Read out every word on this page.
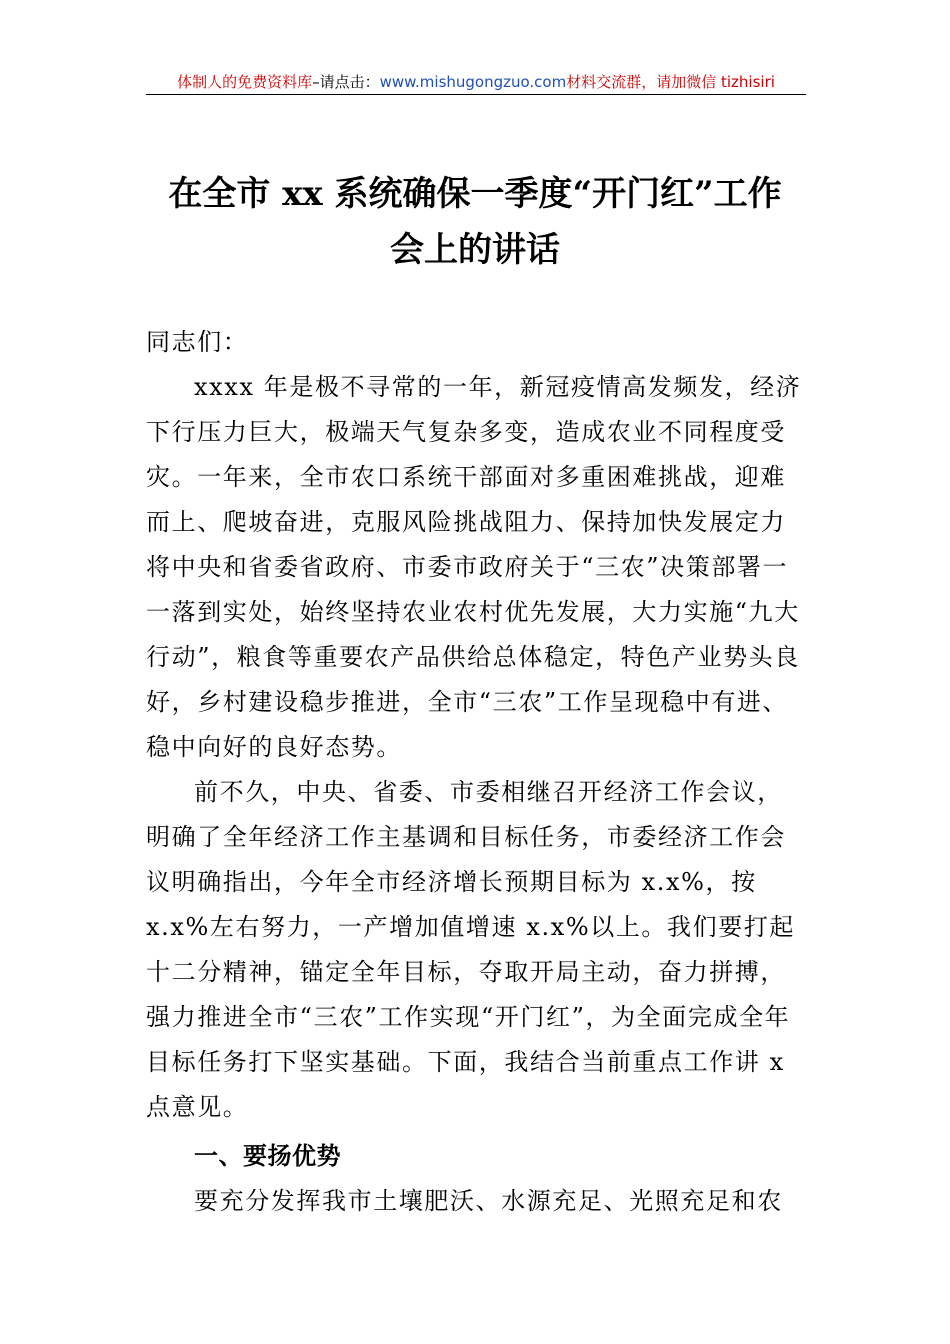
体制人的免费资料库–请点击：www.mishugongzuo.com材料交流群，请加微信 tizhisiri
在全市 xx 系统确保一季度“开门红”工作
会上的讲话

同志们：

xxxx 年是极不寻常的一年，新冠疫情高发频发，经济下行压力巨大，极端天气复杂多变，造成农业不同程度受灾。一年来，全市农口系统干部面对多重困难挑战，迎难而上、爬坡奋进，克服风险挑战阻力、保持加快发展定力将中央和省委省政府、市委市政府关于“三农”决策部署一一落到实处，始终坚持农业农村优先发展，大力实施“九大行动”，粮食等重要农产品供给总体稳定，特色产业势头良好，乡村建设稳步推进，全市“三农”工作呈现稳中有进、稳中向好的良好态势。

前不久，中央、省委、市委相继召开经济工作会议，明确了全年经济工作主基调和目标任务，市委经济工作会议明确指出，今年全市经济增长预期目标为 x.x%，按 x.x%左右努力，一产增加值增速 x.x%以上。我们要打起十二分精神，锚定全年目标，夺取开局主动，奋力拼搏，强力推进全市“三农”工作实现“开门红”，为全面完成全年目标任务打下坚实基础。下面，我结合当前重点工作讲 x 点意见。

一、要扬优势

要充分发挥我市土壤肥沃、水源充足、光照充足和农
